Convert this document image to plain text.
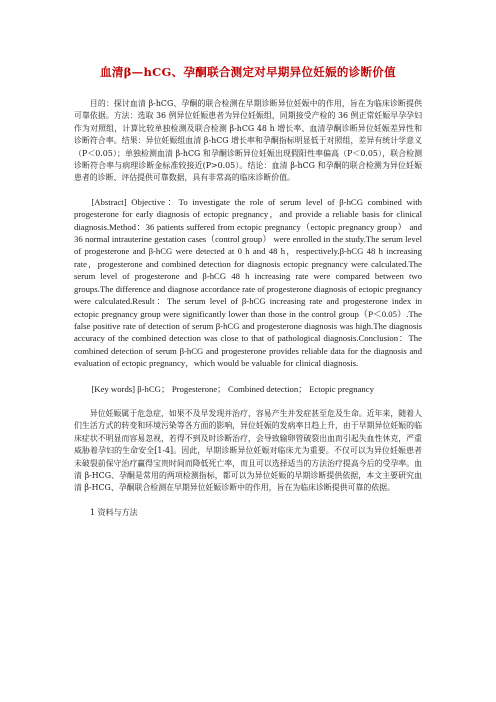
血清β—hCG、孕酮联合测定对早期异位妊娠的诊断价值

目的：探讨血清 β-hCG、孕酮的联合检测在早期诊断异位妊娠中的作用，旨在为临床诊断提供可靠依据。方法：选取 36 例异位妊娠患者为异位妊娠组，同期接受产检的 36 例正常妊娠早孕孕妇作为对照组，计算比较单独检测及联合检测 β-hCG 48 h 增长率、血清孕酮诊断异位妊娠差异性和诊断符合率。结果：异位妊娠组血清 β-hCG 增长率和孕酮指标明显低于对照组，差异有统计学意义（P＜0.05）；单独检测血清 β-hCG 和孕酮诊断异位妊娠出现假阳性率偏高（P＜0.05），联合检测诊断符合率与病理诊断金标准较接近(P>0.05）。结论：血清 β-hCG 和孕酮的联合检测为异位妊娠患者的诊断、评估提供可靠数据，具有非常高的临床诊断价值。

[Abstract] Objective：To investigate the role of serum level of β-hCG combined with progesterone for early diagnosis of ectopic pregnancy，and provide a reliable basis for clinical diagnosis.Method：36 patients suffered from ectopic pregnancy（ectopic pregnancy group） and 36 normal intrauterine gestation cases（control group） were enrolled in the study.The serum level of progesterone and β-hCG were detected at 0 h and 48 h，respectively.β-hCG 48 h increasing rate，progesterone and combined detection for diagnosis ectopic pregnancy were calculated.The serum level of progesterone and β-hCG 48 h increasing rate were compared between two groups.The difference and diagnose accordance rate of progesterone diagnosis of ectopic pregnancy were calculated.Result：The serum level of β-hCG increasing rate and progesterone index in ectopic pregnancy group were significantly lower than those in the control group（P＜0.05）.The false positive rate of detection of serum β-hCG and progesterone diagnosis was high.The diagnosis accuracy of the combined detection was close to that of pathological diagnosis.Conclusion：The combined detection of serum β-hCG and progesterone provides reliable data for the diagnosis and evaluation of ectopic pregnancy，which would be valuable for clinical diagnosis.

[Key words] β-hCG； Progesterone； Combined detection； Ectopic pregnancy

异位妊娠属于危急症，如果不及早发现并治疗，容易产生并发症甚至危及生命。近年来，随着人们生活方式的转变和环境污染等各方面的影响，异位妊娠的发病率日趋上升，由于早期异位妊娠的临床症状不明显而容易忽视，若得不到及时诊断治疗，会导致输卵管破裂出血而引起失血性休克，严重威胁着孕妇的生命安全[1-4]。因此，早期诊断异位妊娠对临床尤为重要。不仅可以为异位妊娠患者未破裂前保守治疗赢得宝贵时间而降低死亡率，而且可以选择适当的方法治疗提高今后的受孕率。血清 β-HCG、孕酮是常用的两项检测指标，都可以为异位妊娠的早期诊断提供依据，本文主要研究血清 β-HCG、孕酮联合检测在早期异位妊娠诊断中的作用，旨在为临床诊断提供可靠的依据。

1 资料与方法
